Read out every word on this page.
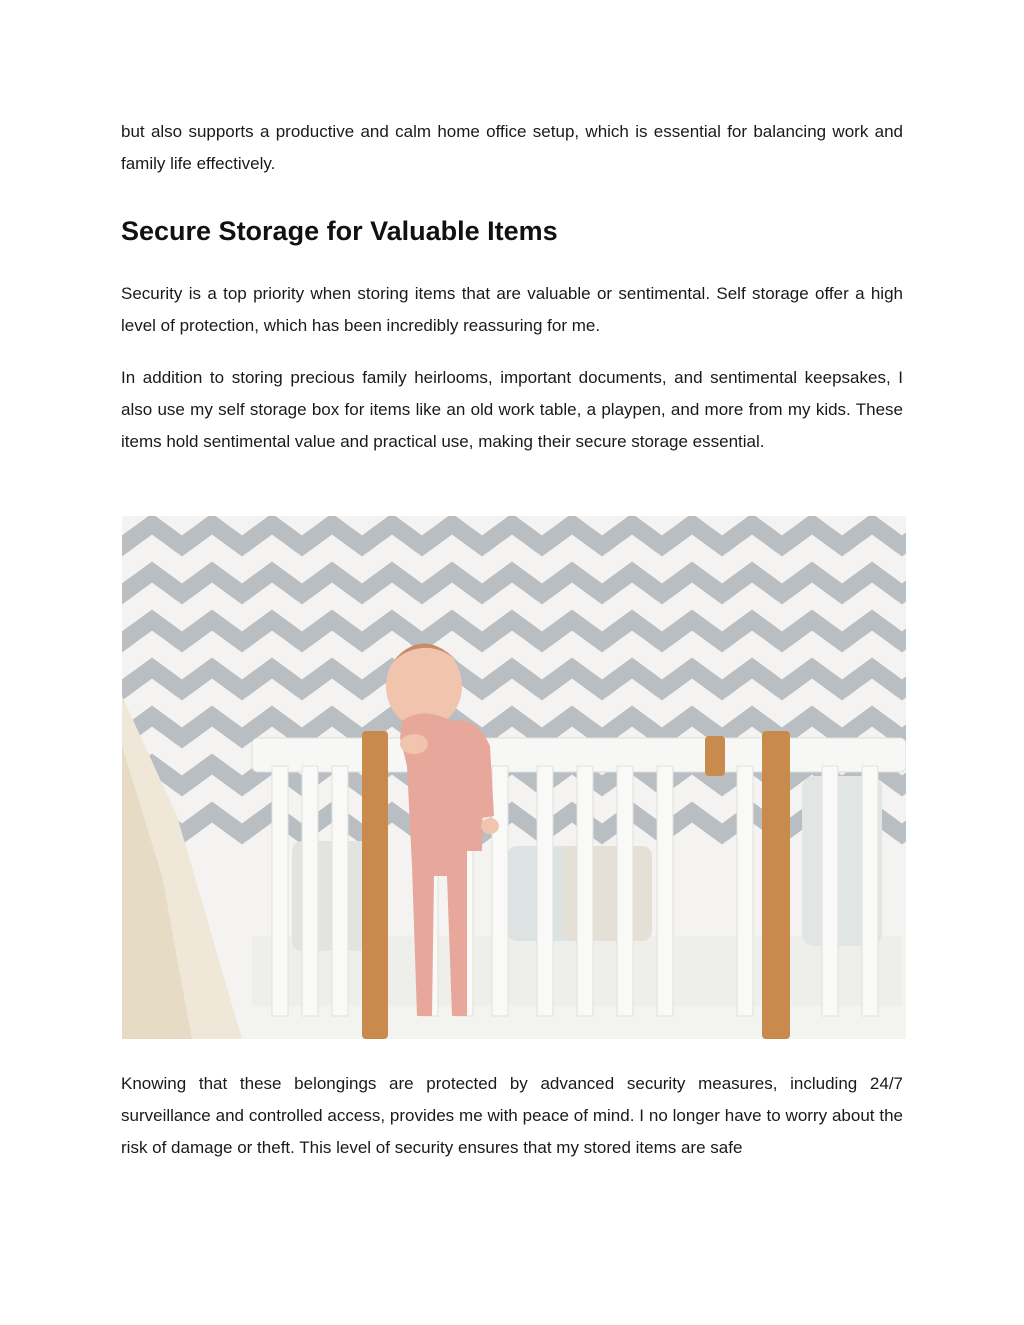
but also supports a productive and calm home office setup, which is essential for balancing work and family life effectively.

Secure Storage for Valuable Items

Security is a top priority when storing items that are valuable or sentimental. Self storage offer a high level of protection, which has been incredibly reassuring for me.

In addition to storing precious family heirlooms, important documents, and sentimental keepsakes, I also use my self storage box for items like an old work table, a playpen, and more from my kids. These items hold sentimental value and practical use, making their secure storage essential.

Knowing that these belongings are protected by advanced security measures, including 24/7 surveillance and controlled access, provides me with peace of mind. I no longer have to worry about the risk of damage or theft. This level of security ensures that my stored items are safe
